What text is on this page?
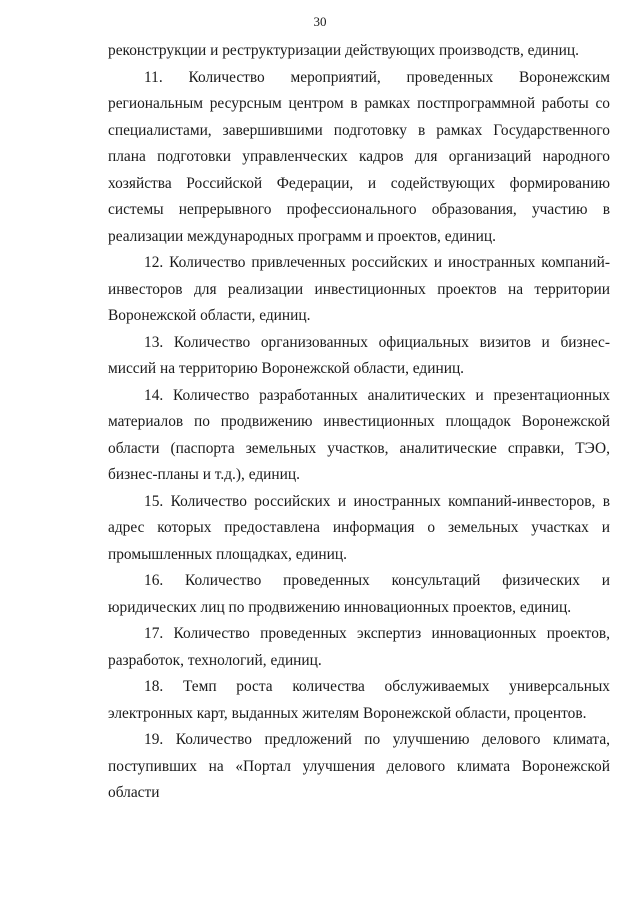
30

реконструкции и реструктуризации действующих производств, единиц.

11. Количество мероприятий, проведенных Воронежским региональным ресурсным центром в рамках постпрограммной работы со специалистами, завершившими подготовку в рамках Государственного плана подготовки управленческих кадров для организаций народного хозяйства Российской Федерации, и содействующих формированию системы непрерывного профессионального образования, участию в реализации международных программ и проектов, единиц.

12. Количество привлеченных российских и иностранных компаний-инвесторов для реализации инвестиционных проектов на территории Воронежской области, единиц.

13. Количество организованных официальных визитов и бизнес-миссий на территорию Воронежской области, единиц.

14. Количество разработанных аналитических и презентационных материалов по продвижению инвестиционных площадок Воронежской области (паспорта земельных участков, аналитические справки, ТЭО, бизнес-планы и т.д.), единиц.

15. Количество российских и иностранных компаний-инвесторов, в адрес которых предоставлена информация о земельных участках и промышленных площадках, единиц.

16. Количество проведенных консультаций физических и юридических лиц по продвижению инновационных проектов, единиц.

17. Количество проведенных экспертиз инновационных проектов, разработок, технологий, единиц.

18. Темп роста количества обслуживаемых универсальных электронных карт, выданных жителям Воронежской области, процентов.

19. Количество предложений по улучшению делового климата, поступивших на «Портал улучшения делового климата Воронежской области
